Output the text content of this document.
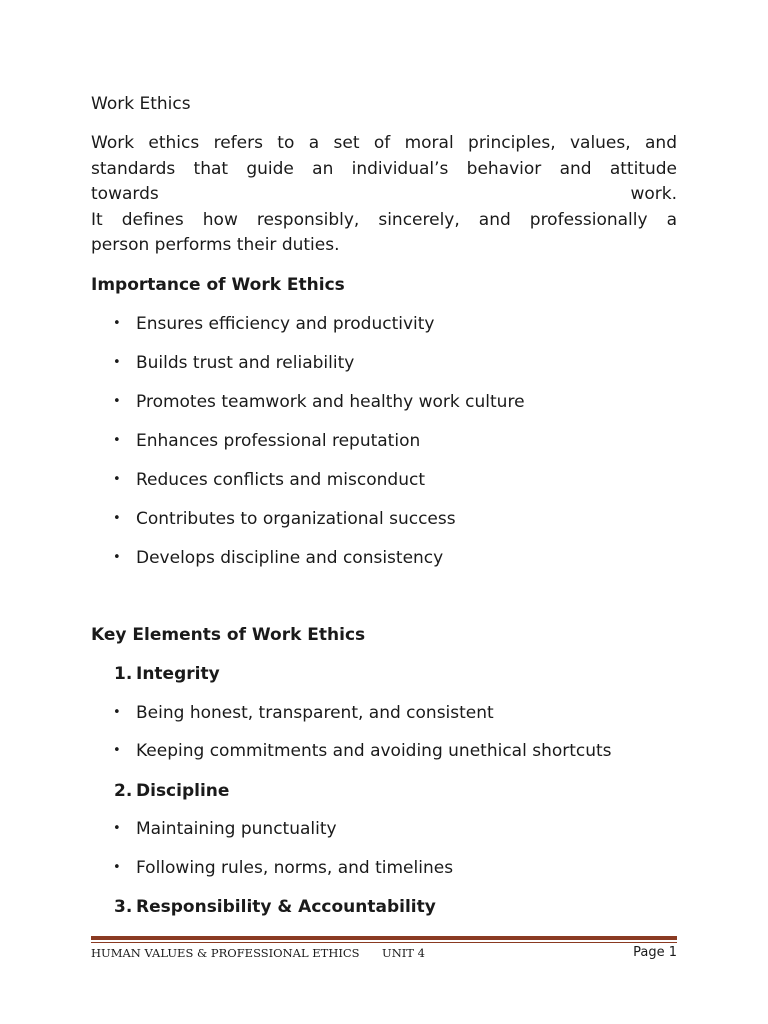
Work Ethics

Work ethics refers to a set of moral principles, values, and
standards that guide an individual’s behavior and attitude
towards work.
It defines how responsibly, sincerely, and professionally a
person performs their duties.

Importance of Work Ethics
• Ensures efficiency and productivity
• Builds trust and reliability
• Promotes teamwork and healthy work culture
• Enhances professional reputation
• Reduces conflicts and misconduct
• Contributes to organizational success
• Develops discipline and consistency
Key Elements of Work Ethics
1. Integrity
• Being honest, transparent, and consistent
• Keeping commitments and avoiding unethical shortcuts
2. Discipline
• Maintaining punctuality
• Following rules, norms, and timelines
3. Responsibility & Accountability
HUMAN VALUES & PROFESSIONAL ETHICS UNIT 4	Page 1
